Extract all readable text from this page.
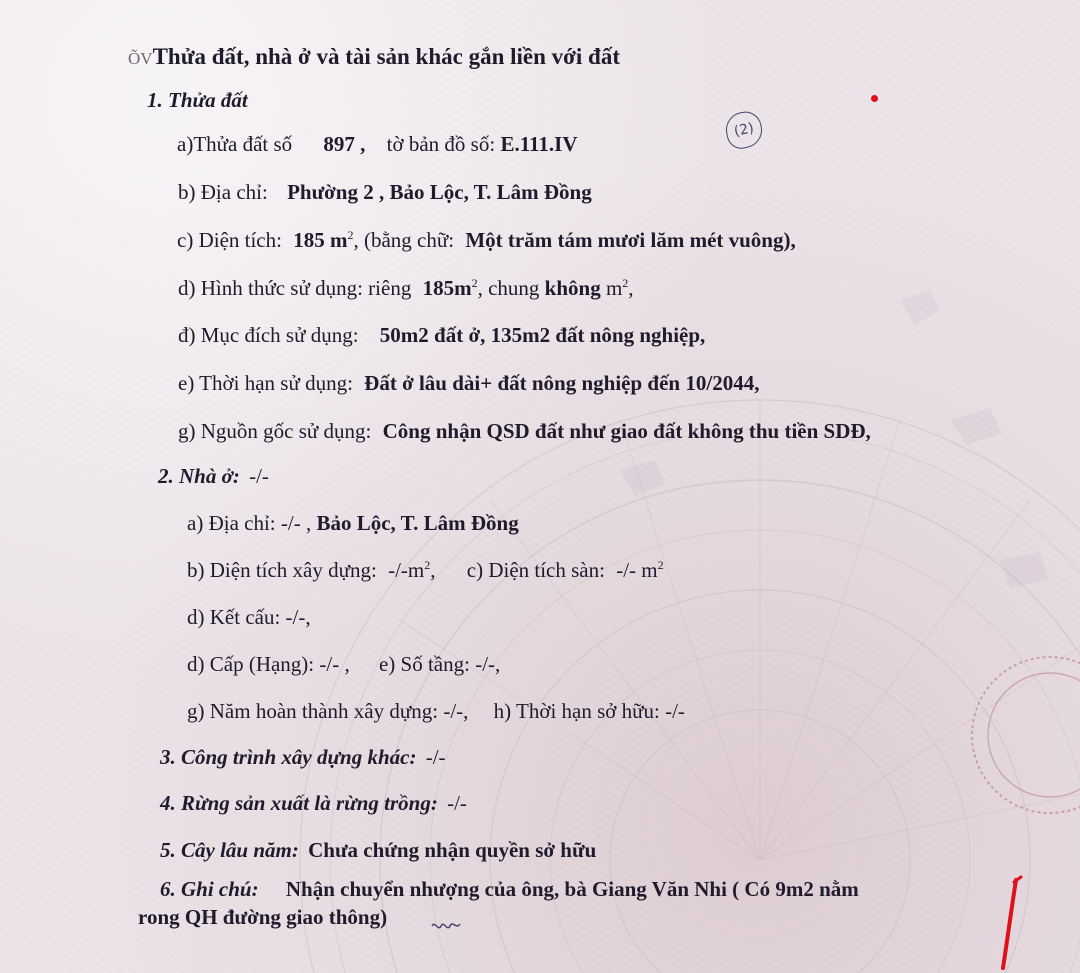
(2)
ÕVThửa đất, nhà ở và tài sản khác gắn liền với đất
1. Thửa đất
a)Thửa đất số 897 , tờ bản đồ số: E.111.IV
b) Địa chỉ: Phường 2 , Bảo Lộc, T. Lâm Đồng
c) Diện tích: 185 $m^2$, (bằng chữ: Một trăm tám mươi lăm mét vuông),
d) Hình thức sử dụng: riêng $185m^2$, chung không $m^2$,
đ) Mục đích sử dụng: 50m2 đất ở, 135m2 đất nông nghiệp,
e) Thời hạn sử dụng: Đất ở lâu dài+ đất nông nghiệp đến 10/2044,
g) Nguồn gốc sử dụng: Công nhận QSD đất như giao đất không thu tiền SDĐ,
2. Nhà ở: -/-
a) Địa chỉ: -/- , Bảo Lộc, T. Lâm Đồng
b) Diện tích xây dựng: $-/-m^2$, c) Diện tích sàn: -/- $m^2$
d) Kết cấu: -/-,
d) Cấp (Hạng): -/- , e) Số tầng: -/-,
g) Năm hoàn thành xây dựng: -/-, h) Thời hạn sở hữu: -/-
3. Công trình xây dựng khác: -/-
4. Rừng sản xuất là rừng trồng: -/-
5. Cây lâu năm: Chưa chứng nhận quyền sở hữu
6. Ghi chú: Nhận chuyển nhượng của ông, bà Giang Văn Nhi ( Có 9m2 nằm
rong QH đường giao thông)
